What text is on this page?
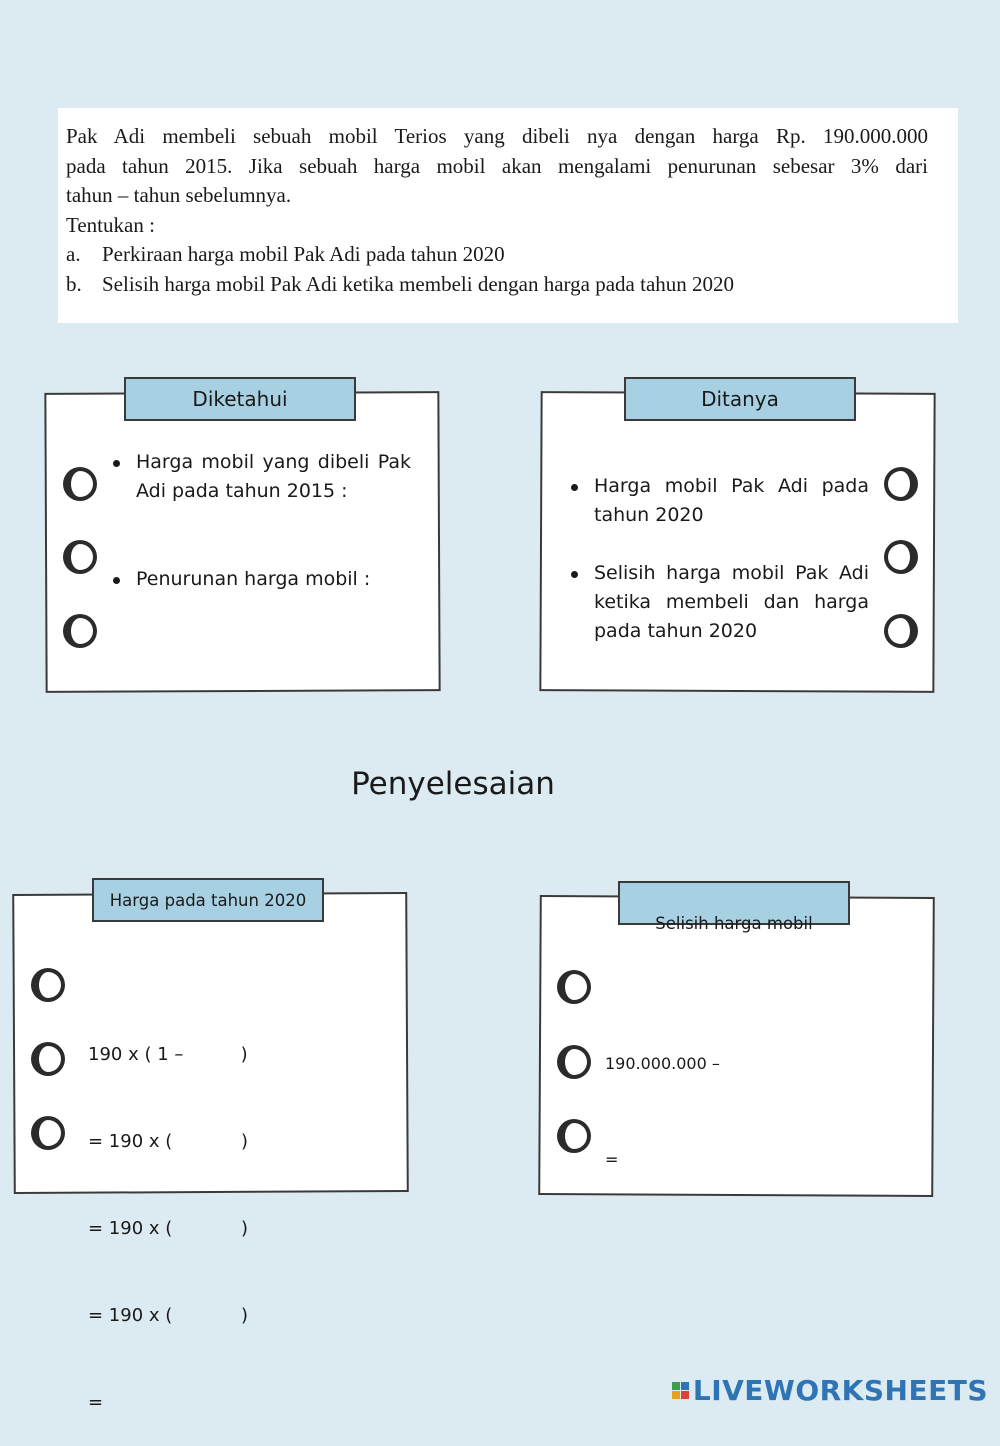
Pak Adi membeli sebuah mobil Terios yang dibeli nya dengan harga Rp. 190.000.000

pada tahun 2015. Jika sebuah harga mobil akan mengalami penurunan sebesar 3% dari

tahun – tahun sebelumnya.

Tentukan :

a.	Perkiraan harga mobil Pak Adi pada tahun 2020
b. Selisih harga mobil Pak Adi ketika membeli dengan harga pada tahun 2020
Diketahui
Harga mobil yang dibeli Pak Adi pada tahun 2015 :
Penurunan harga mobil :
Ditanya
Harga mobil Pak Adi pada tahun 2020
Selisih harga mobil Pak Adi ketika membeli dan harga pada tahun 2020
Penyelesaian
Harga pada tahun 2020

190 x ( 1 –          )

= 190 x (            )

= 190 x (            )

= 190 x (            )

=

Selisih harga mobil

190.000.000 –

=

LIVEWORKSHEETS
